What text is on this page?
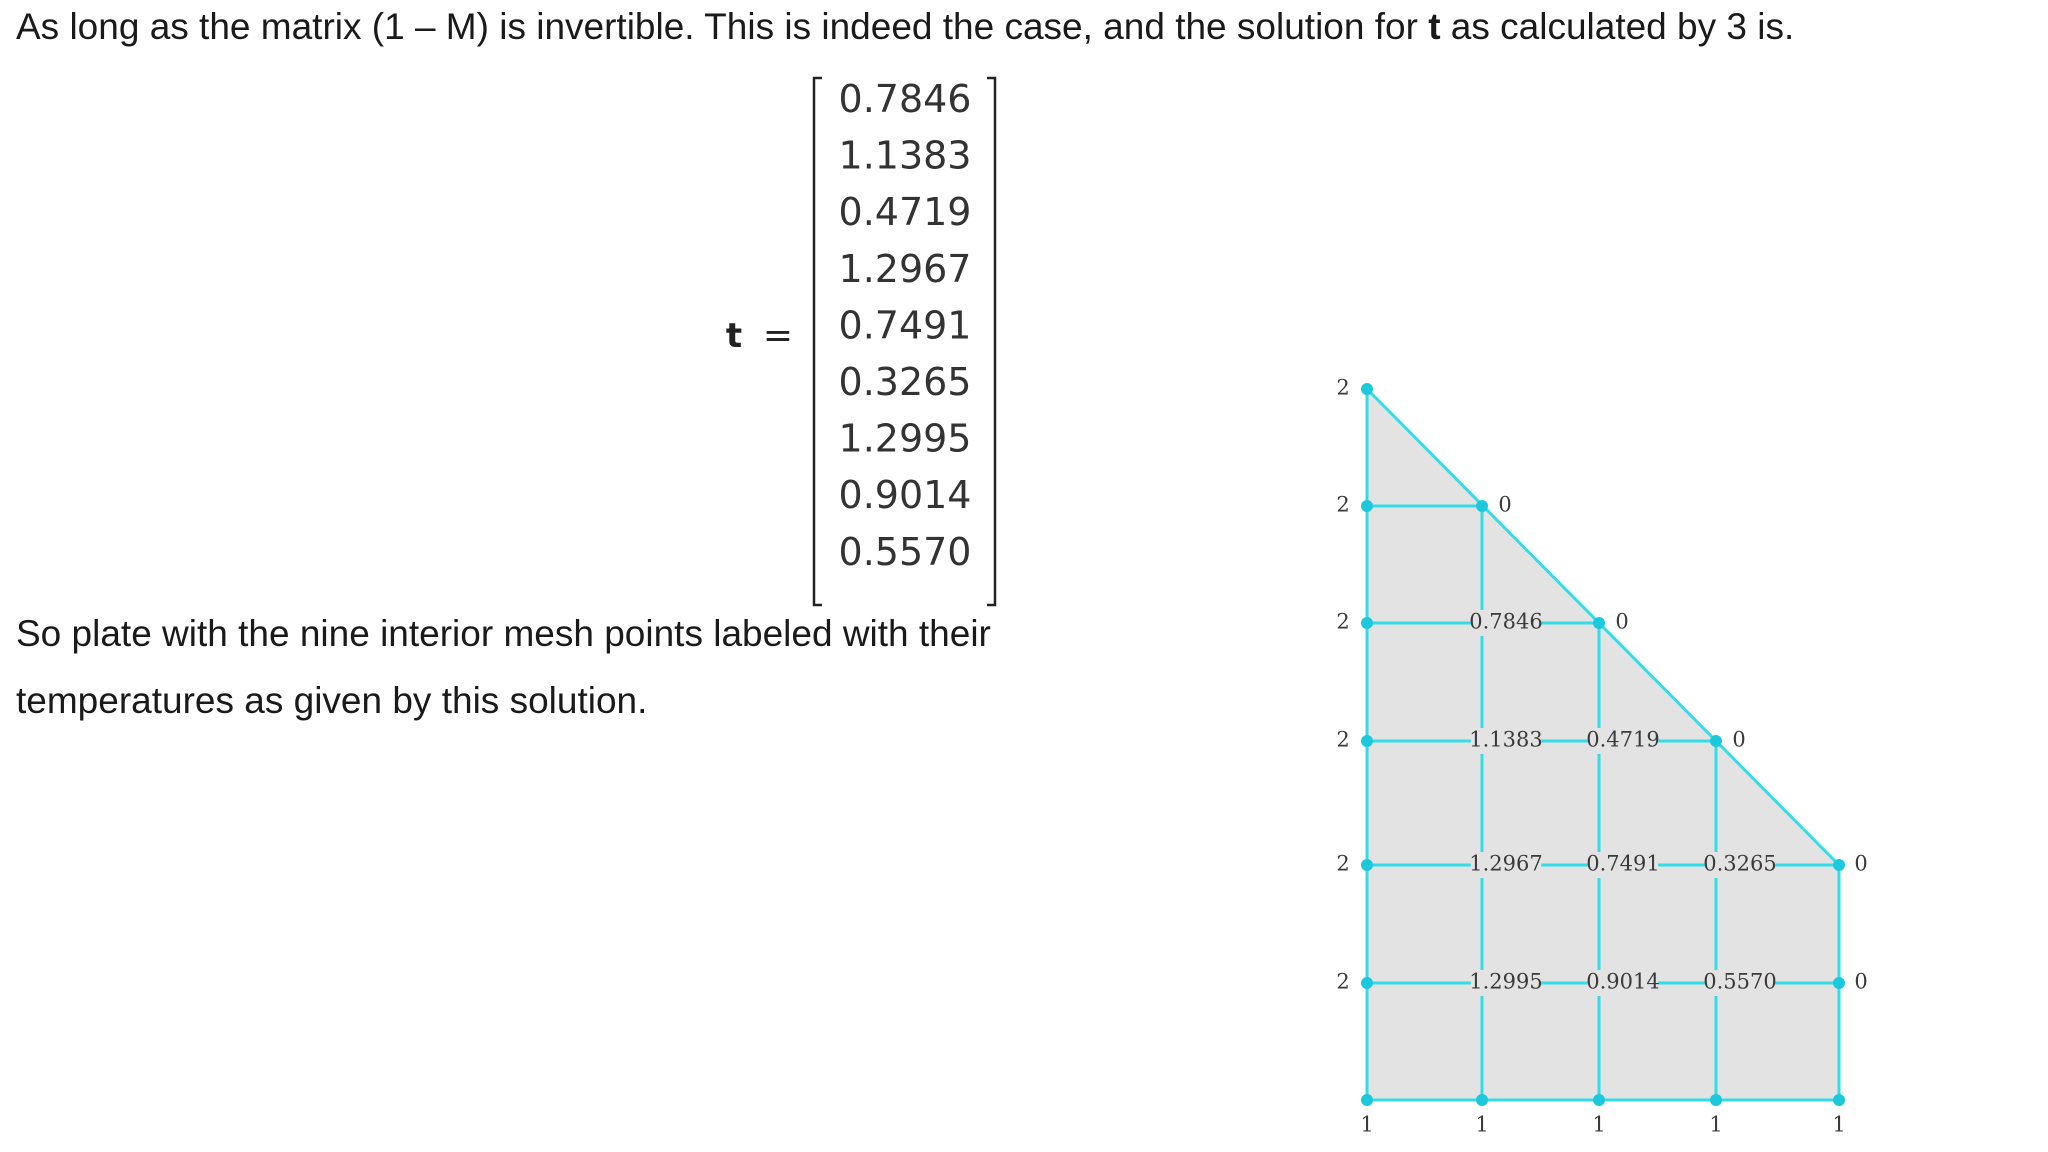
As long as the matrix (1 – M) is invertible. This is indeed the case, and the solution for t as calculated by 3 is.

t =
0.7846
1.1383
0.4719
1.2967
0.7491
0.3265
1.2995
0.9014
0.5570

So plate with the nine interior mesh points labeled with their

temperatures as given by this solution.

2
2
2
2
2
2
0
0
0
0
0
1	1	1	1	1
0.7846
1.1383 0.4719
1.2967 0.7491 0.3265
1.2995 0.9014 0.5570
